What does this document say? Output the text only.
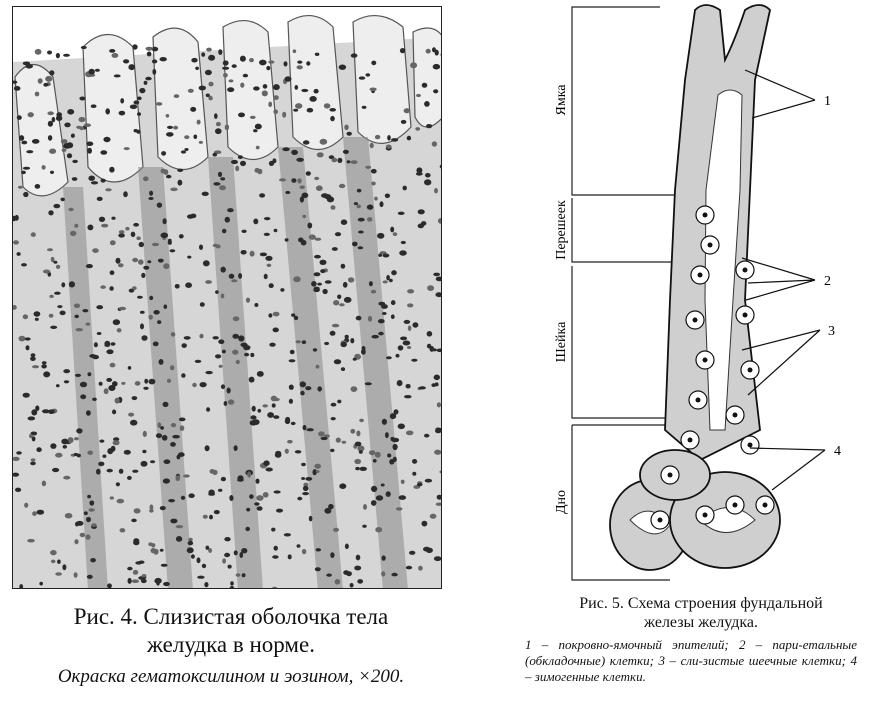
Рис. 4. Слизистая оболочка тела
желудка в норме.
Окраска гематоксилином и эозином, ×200.
Ямка
Перешеек
Шейка
Дно
1
2
3
4
Рис. 5. Схема строения фундальной
железы желудка.
1 – покровно-ямочный эпителий; 2 – пари-етальные (обкладочные) клетки; 3 – сли-зистые шеечные клетки; 4 – зимогенные клетки.
